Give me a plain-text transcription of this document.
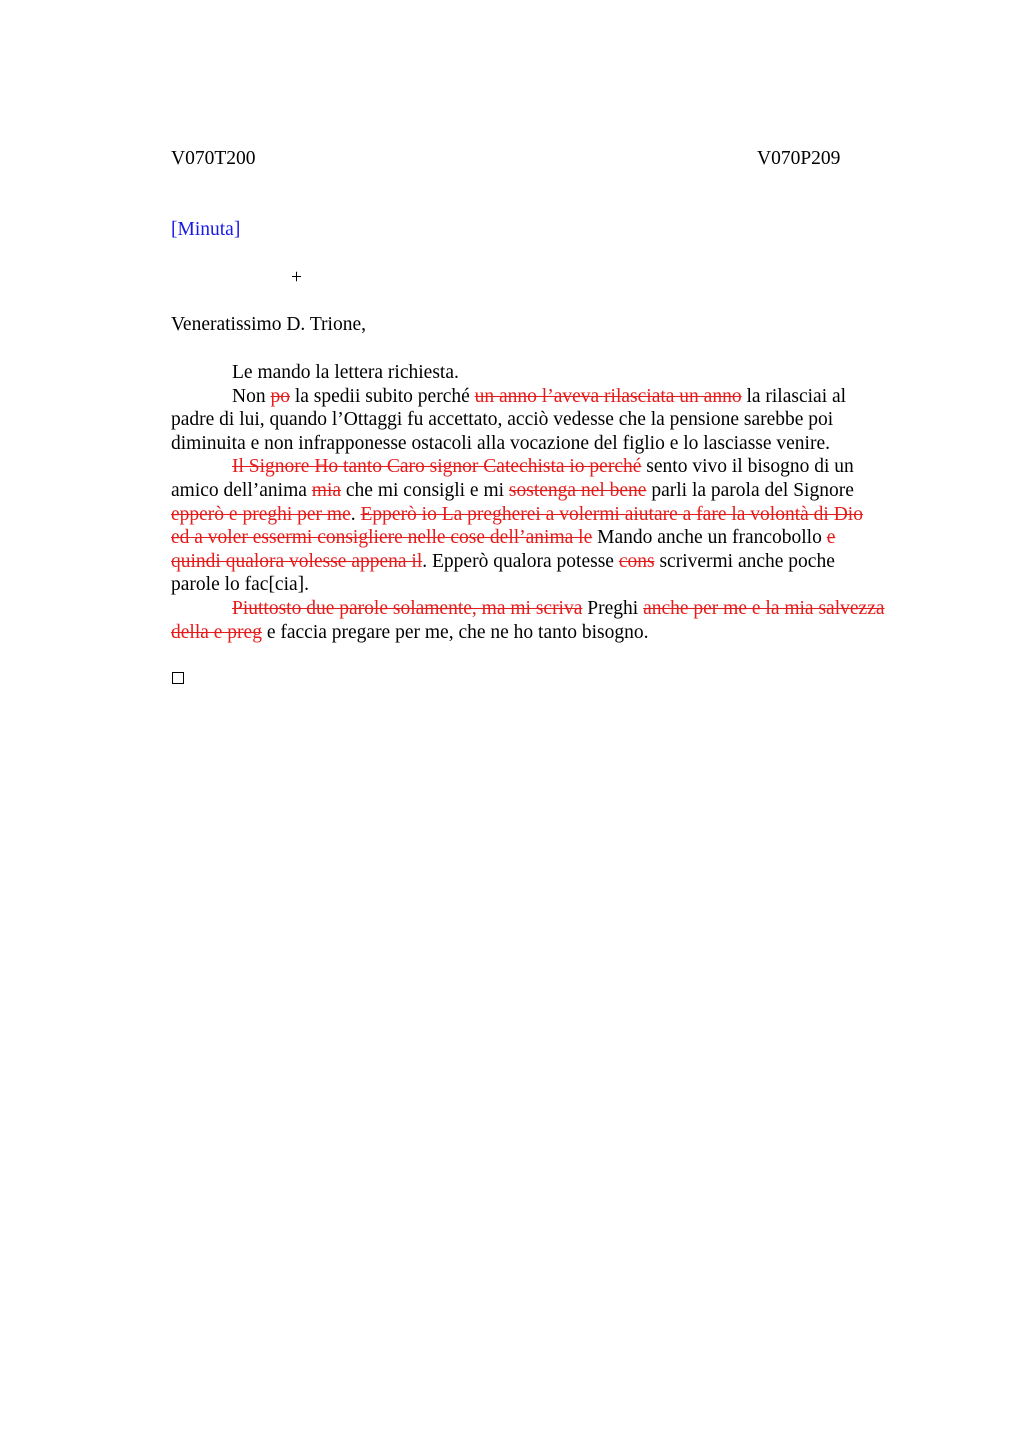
V070T200	V070P209
[Minuta]
+
Veneratissimo D. Trione,
Le mando la lettera richiesta.
Non po la spedii subito perché un anno l’aveva rilasciata un anno la rilasciai al
padre di lui, quando l’Ottaggi fu accettato, acciò vedesse che la pensione sarebbe poi
diminuita e non infrapponesse ostacoli alla vocazione del figlio e lo lasciasse venire.
Il Signore Ho tanto Caro signor Catechista io perché sento vivo il bisogno di un
amico dell’anima mia che mi consigli e mi sostenga nel bene parli la parola del Signore
epperò e preghi per me. Epperò io La pregherei a volermi aiutare a fare la volontà di Dio
ed a voler essermi consigliere nelle cose dell’anima le Mando anche un francobollo e
quindi qualora volesse appena il. Epperò qualora potesse cons scrivermi anche poche
parole lo fac[cia].
Piuttosto due parole solamente, ma mi scriva Preghi anche per me e la mia salvezza
della e preg e faccia pregare per me, che ne ho tanto bisogno.
